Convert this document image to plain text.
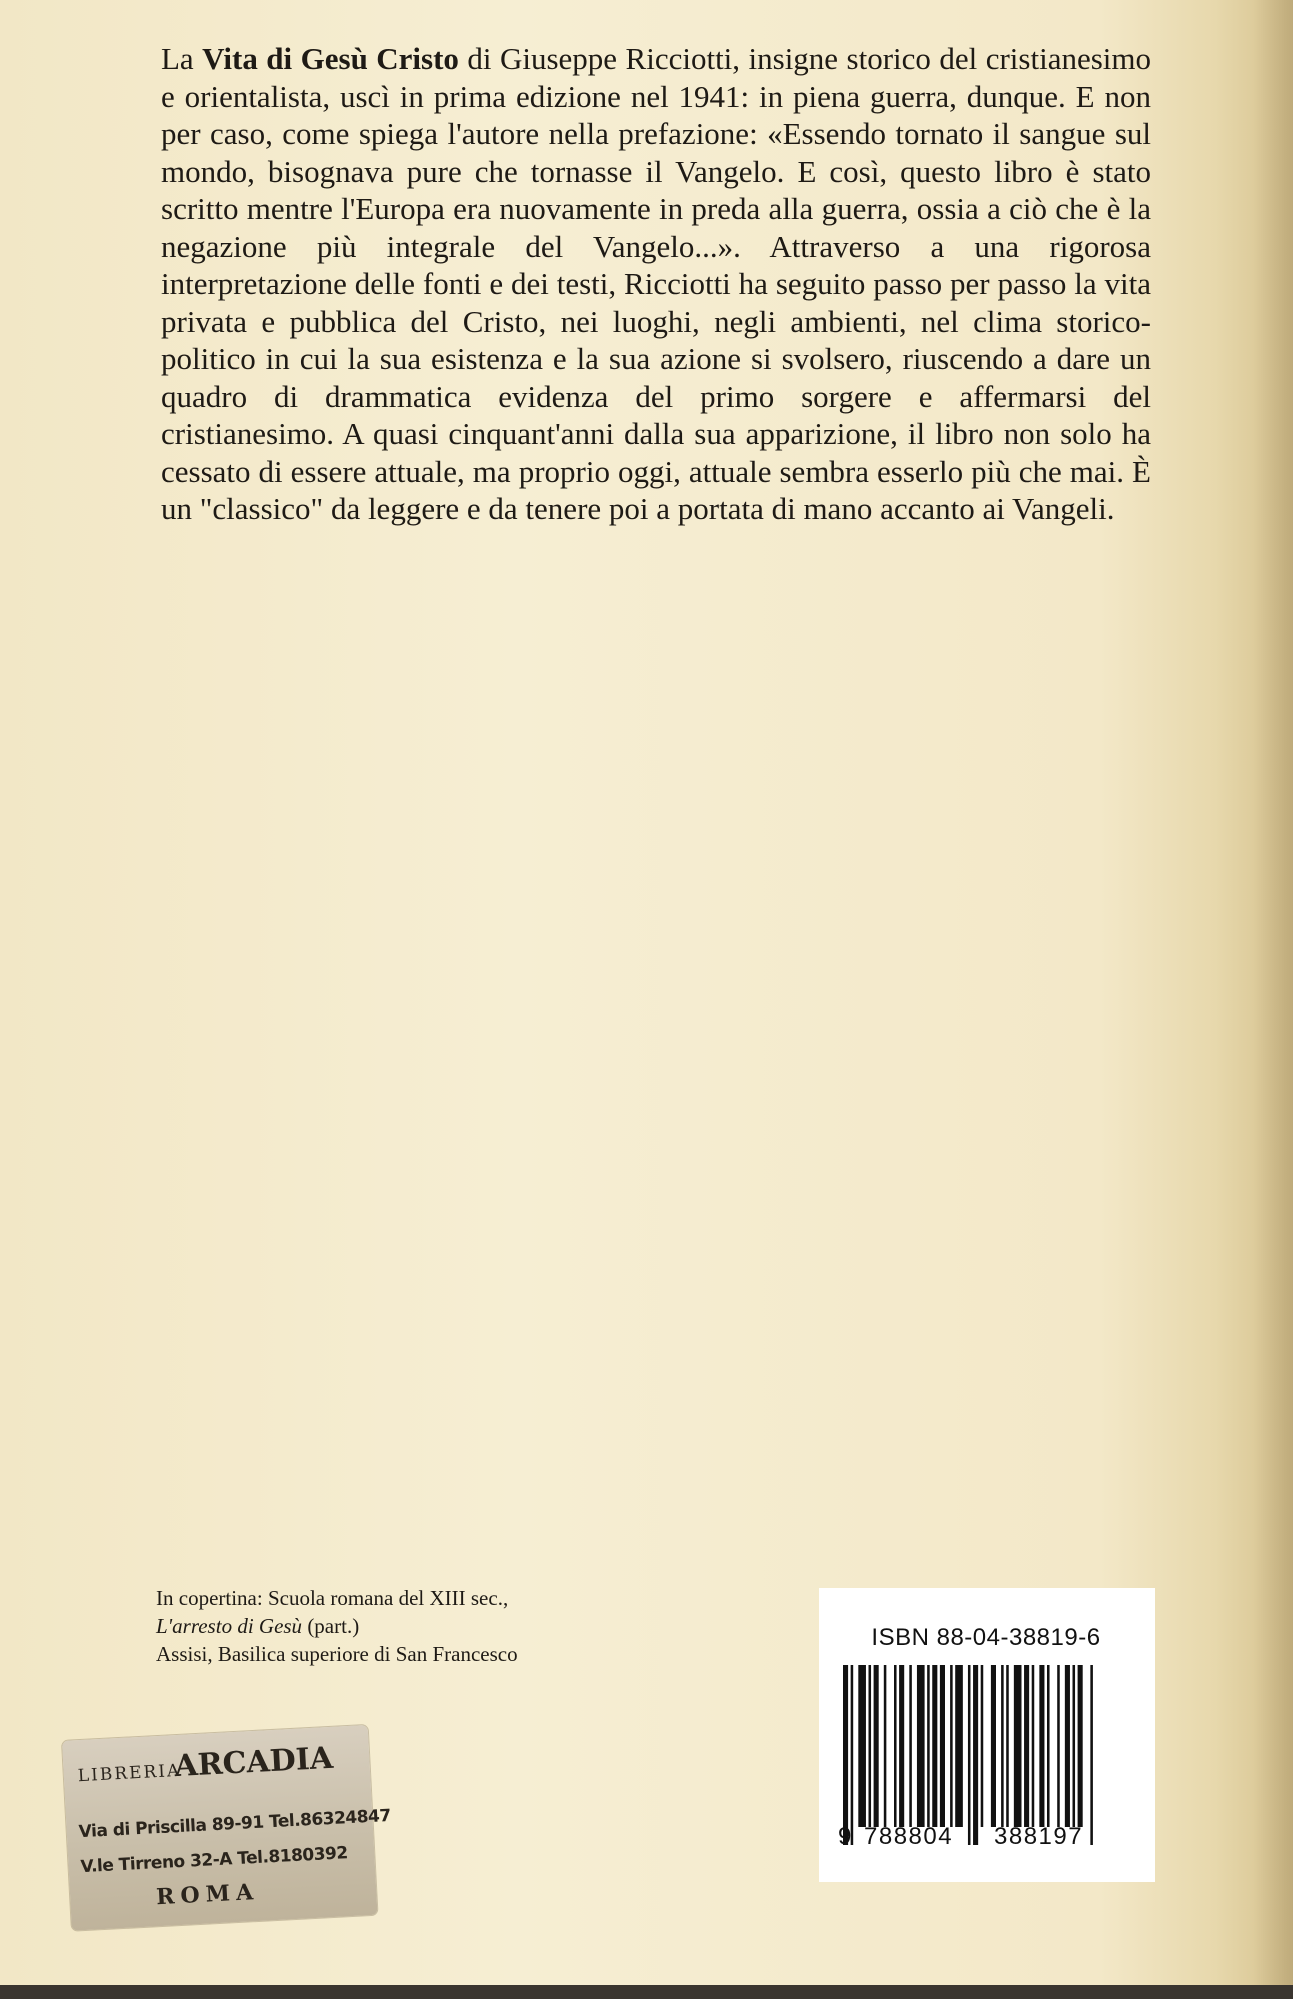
La Vita di Gesù Cristo di Giuseppe Ricciotti, insigne storico del cristianesimo e orientalista, uscì in prima edizione nel 1941: in piena guerra, dunque. E non per caso, come spiega l'autore nella prefazione: «Essendo tornato il sangue sul mondo, bisognava pure che tornasse il Vangelo. E così, questo libro è stato scritto mentre l'Europa era nuovamente in preda alla guerra, ossia a ciò che è la negazione più integrale del Vangelo...». Attraverso a una rigorosa interpretazione delle fonti e dei testi, Ricciotti ha seguito passo per passo la vita privata e pubblica del Cristo, nei luoghi, negli ambienti, nel clima storico-politico in cui la sua esistenza e la sua azione si svolsero, riuscendo a dare un quadro di drammatica evidenza del primo sorgere e affermarsi del cristianesimo. A quasi cinquant'anni dalla sua apparizione, il libro non solo ha cessato di essere attuale, ma proprio oggi, attuale sembra esserlo più che mai. È un "classico" da leggere e da tenere poi a portata di mano accanto ai Vangeli.

In copertina: Scuola romana del XIII sec.,
L'arresto di Gesù (part.)
Assisi, Basilica superiore di San Francesco
ISBN 88-04-38819-6
9 788804 388197
LIBRERIA
ARCADIA
Via di Priscilla 89-91 Tel.86324847
V.le Tirreno 32-A Tel.8180392
ROMA
